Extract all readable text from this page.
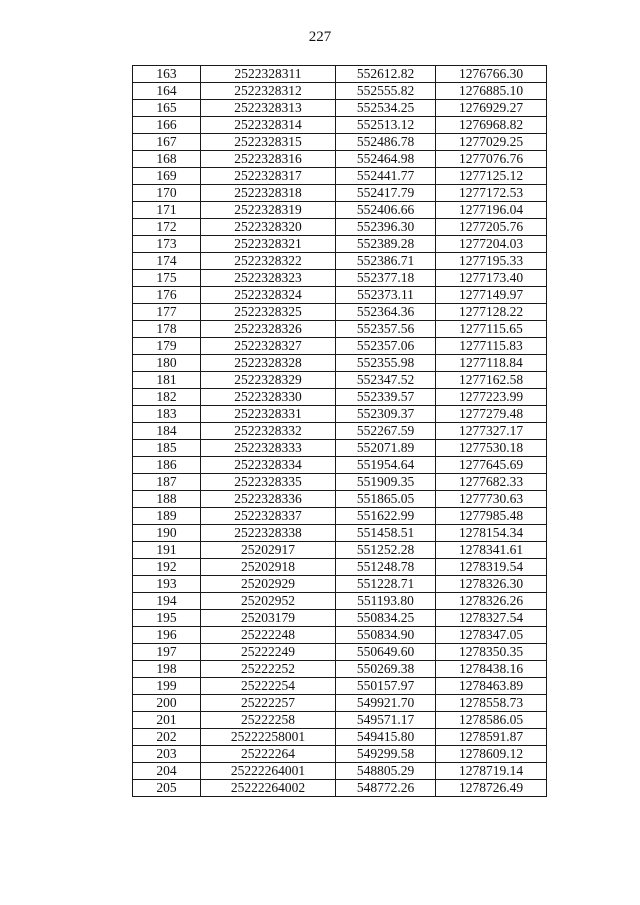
227
163	2522328311	552612.82	1276766.30
164	2522328312	552555.82	1276885.10
165	2522328313	552534.25	1276929.27
166	2522328314	552513.12	1276968.82
167	2522328315	552486.78	1277029.25
168	2522328316	552464.98	1277076.76
169	2522328317	552441.77	1277125.12
170	2522328318	552417.79	1277172.53
171	2522328319	552406.66	1277196.04
172	2522328320	552396.30	1277205.76
173	2522328321	552389.28	1277204.03
174	2522328322	552386.71	1277195.33
175	2522328323	552377.18	1277173.40
176	2522328324	552373.11	1277149.97
177	2522328325	552364.36	1277128.22
178	2522328326	552357.56	1277115.65
179	2522328327	552357.06	1277115.83
180	2522328328	552355.98	1277118.84
181	2522328329	552347.52	1277162.58
182	2522328330	552339.57	1277223.99
183	2522328331	552309.37	1277279.48
184	2522328332	552267.59	1277327.17
185	2522328333	552071.89	1277530.18
186	2522328334	551954.64	1277645.69
187	2522328335	551909.35	1277682.33
188	2522328336	551865.05	1277730.63
189	2522328337	551622.99	1277985.48
190	2522328338	551458.51	1278154.34
191	25202917	551252.28	1278341.61
192	25202918	551248.78	1278319.54
193	25202929	551228.71	1278326.30
194	25202952	551193.80	1278326.26
195	25203179	550834.25	1278327.54
196	25222248	550834.90	1278347.05
197	25222249	550649.60	1278350.35
198	25222252	550269.38	1278438.16
199	25222254	550157.97	1278463.89
200	25222257	549921.70	1278558.73
201	25222258	549571.17	1278586.05
202	25222258001	549415.80	1278591.87
203	25222264	549299.58	1278609.12
204	25222264001	548805.29	1278719.14
205	25222264002	548772.26	1278726.49
